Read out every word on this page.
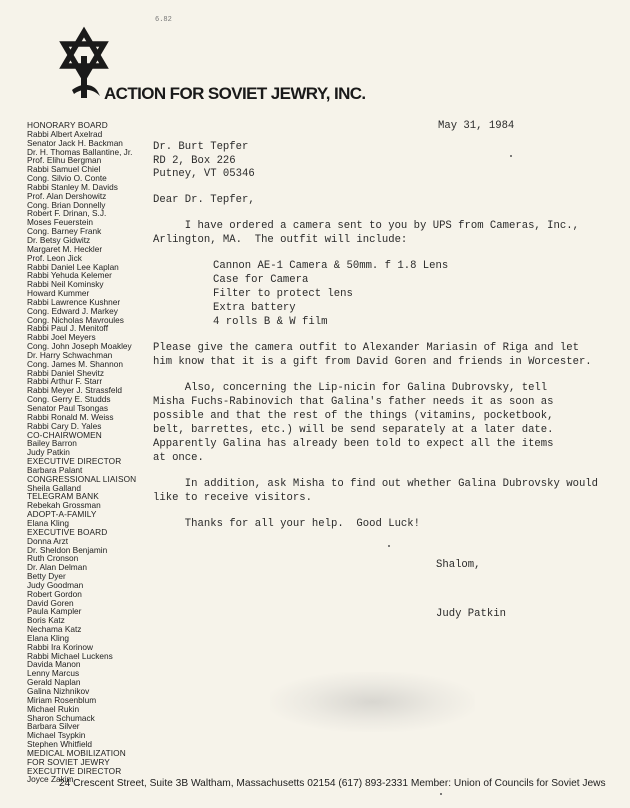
6.82
ACTION FOR SOVIET JEWRY, INC.
HONORARY BOARD
Rabbi Albert Axelrad
Senator Jack H. Backman
Dr. H. Thomas Ballantine, Jr.
Prof. Elihu Bergman
Rabbi Samuel Chiel
Cong. Silvio O. Conte
Rabbi Stanley M. Davids
Prof. Alan Dershowitz
Cong. Brian Donnelly
Robert F. Drinan, S.J.
Moses Feuerstein
Cong. Barney Frank
Dr. Betsy Gidwitz
Margaret M. Heckler
Prof. Leon Jick
Rabbi Daniel Lee Kaplan
Rabbi Yehuda Kelemer
Rabbi Neil Kominsky
Howard Kummer
Rabbi Lawrence Kushner
Cong. Edward J. Markey
Cong. Nicholas Mavroules
Rabbi Paul J. Menitoff
Rabbi Joel Meyers
Cong. John Joseph Moakley
Dr. Harry Schwachman
Cong. James M. Shannon
Rabbi Daniel Shevitz
Rabbi Arthur F. Starr
Rabbi Meyer J. Strassfeld
Cong. Gerry E. Studds
Senator Paul Tsongas
Rabbi Ronald M. Weiss
Rabbi Cary D. Yales
CO-CHAIRWOMEN
Bailey Barron
Judy Patkin
EXECUTIVE DIRECTOR
Barbara Palant
CONGRESSIONAL LIAISON
Sheila Galland
TELEGRAM BANK
Rebekah Grossman
ADOPT-A-FAMILY
Elana Kling
EXECUTIVE BOARD
Donna Arzt
Dr. Sheldon Benjamin
Ruth Cronson
Dr. Alan Delman
Betty Dyer
Judy Goodman
Robert Gordon
David Goren
Paula Kampler
Boris Katz
Nechama Katz
Elana Kling
Rabbi Ira Korinow
Rabbi Michael Luckens
Davida Manon
Lenny Marcus
Gerald Naplan
Galina Nizhnikov
Miriam Rosenblum
Michael Rukin
Sharon Schumack
Barbara Silver
Michael Tsypkin
Stephen Whitfield
MEDICAL MOBILIZATION
FOR SOVIET JEWRY
EXECUTIVE DIRECTOR
Joyce Zakim
May 31, 1984
Dr. Burt Tepfer
RD 2, Box 226
Putney, VT 05346
Dear Dr. Tepfer,
I have ordered a camera sent to you by UPS from Cameras, Inc.,
Arlington, MA.  The outfit will include:
Cannon AE-1 Camera & 50mm. f 1.8 Lens
Case for Camera
Filter to protect lens
Extra battery
4 rolls B & W film
Please give the camera outfit to Alexander Mariasin of Riga and let
him know that it is a gift from David Goren and friends in Worcester.
Also, concerning the Lip-nicin for Galina Dubrovsky, tell
Misha Fuchs-Rabinovich that Galina's father needs it as soon as
possible and that the rest of the things (vitamins, pocketbook,
belt, barrettes, etc.) will be send separately at a later date.
Apparently Galina has already been told to expect all the items
at once.
In addition, ask Misha to find out whether Galina Dubrovsky would
like to receive visitors.
Thanks for all your help.  Good Luck!
Shalom,
Judy Patkin
24 Crescent Street, Suite 3B Waltham, Massachusetts 02154 (617) 893-2331 Member: Union of Councils for Soviet Jews
